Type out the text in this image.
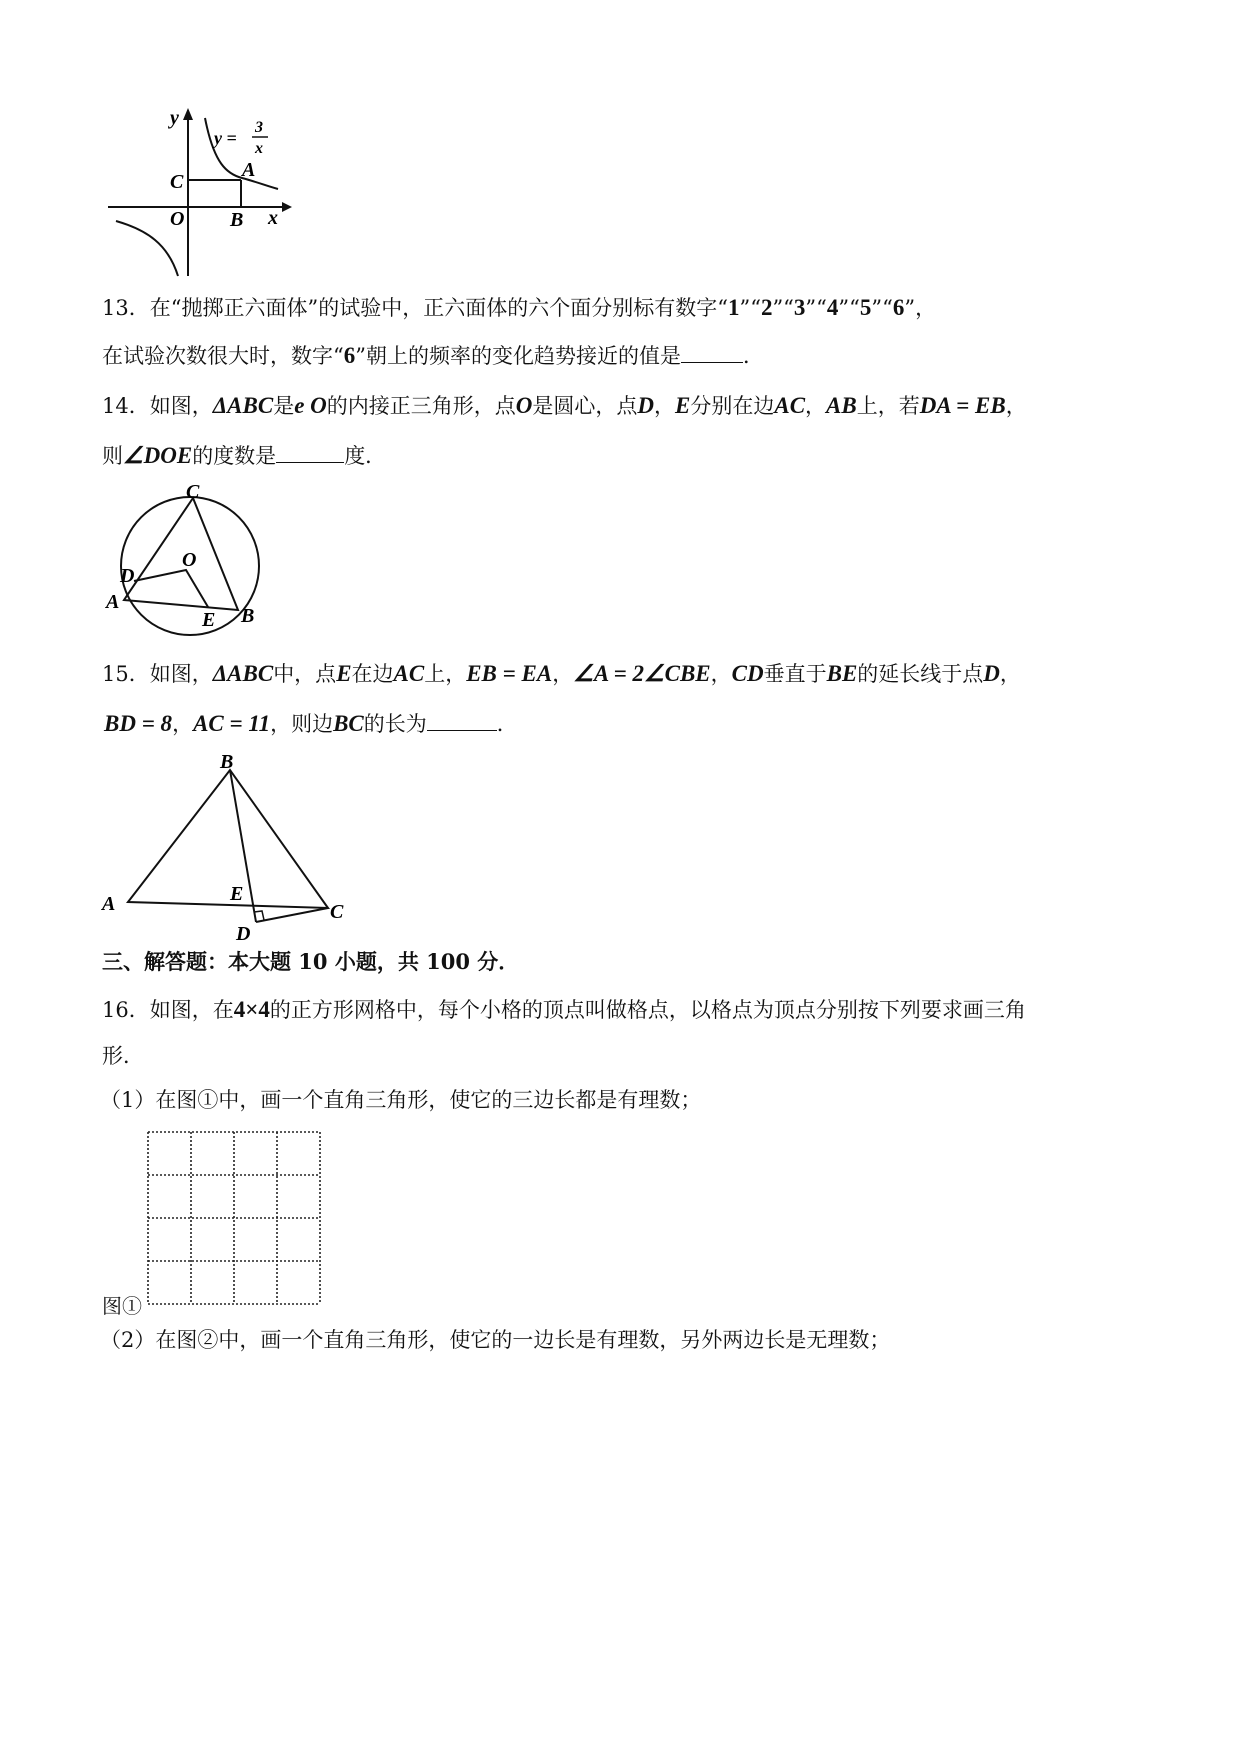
y
x
y =
3
x
C
A
O B
13．在“抛掷正六面体”的试验中，正六面体的六个面分别标有数字“1”“2”“3”“4”“5”“6”，
在试验次数很大时，数字“6”朝上的频率的变化趋势接近的值是	．
14．如图，ΔABC是e O的内接正三角形，点O是圆心，点D，E分别在边AC，AB上，若DA = EB，
则∠DOE的度数是	度．
C
O
D
A
E B
15．如图，ΔABC中，点E在边AC上，EB = EA，∠A = 2∠CBE，CD垂直于BE的延长线于点D，
BD = 8，AC = 11，则边BC的长为	．
B
A	E
C
D
三、解答题：本大题 10 小题，共 100 分．
16．如图，在4×4的正方形网格中，每个小格的顶点叫做格点，以格点为顶点分别按下列要求画三角
形．
（1）在图①中，画一个直角三角形，使它的三边长都是有理数；
图①
（2）在图②中，画一个直角三角形，使它的一边长是有理数，另外两边长是无理数；
